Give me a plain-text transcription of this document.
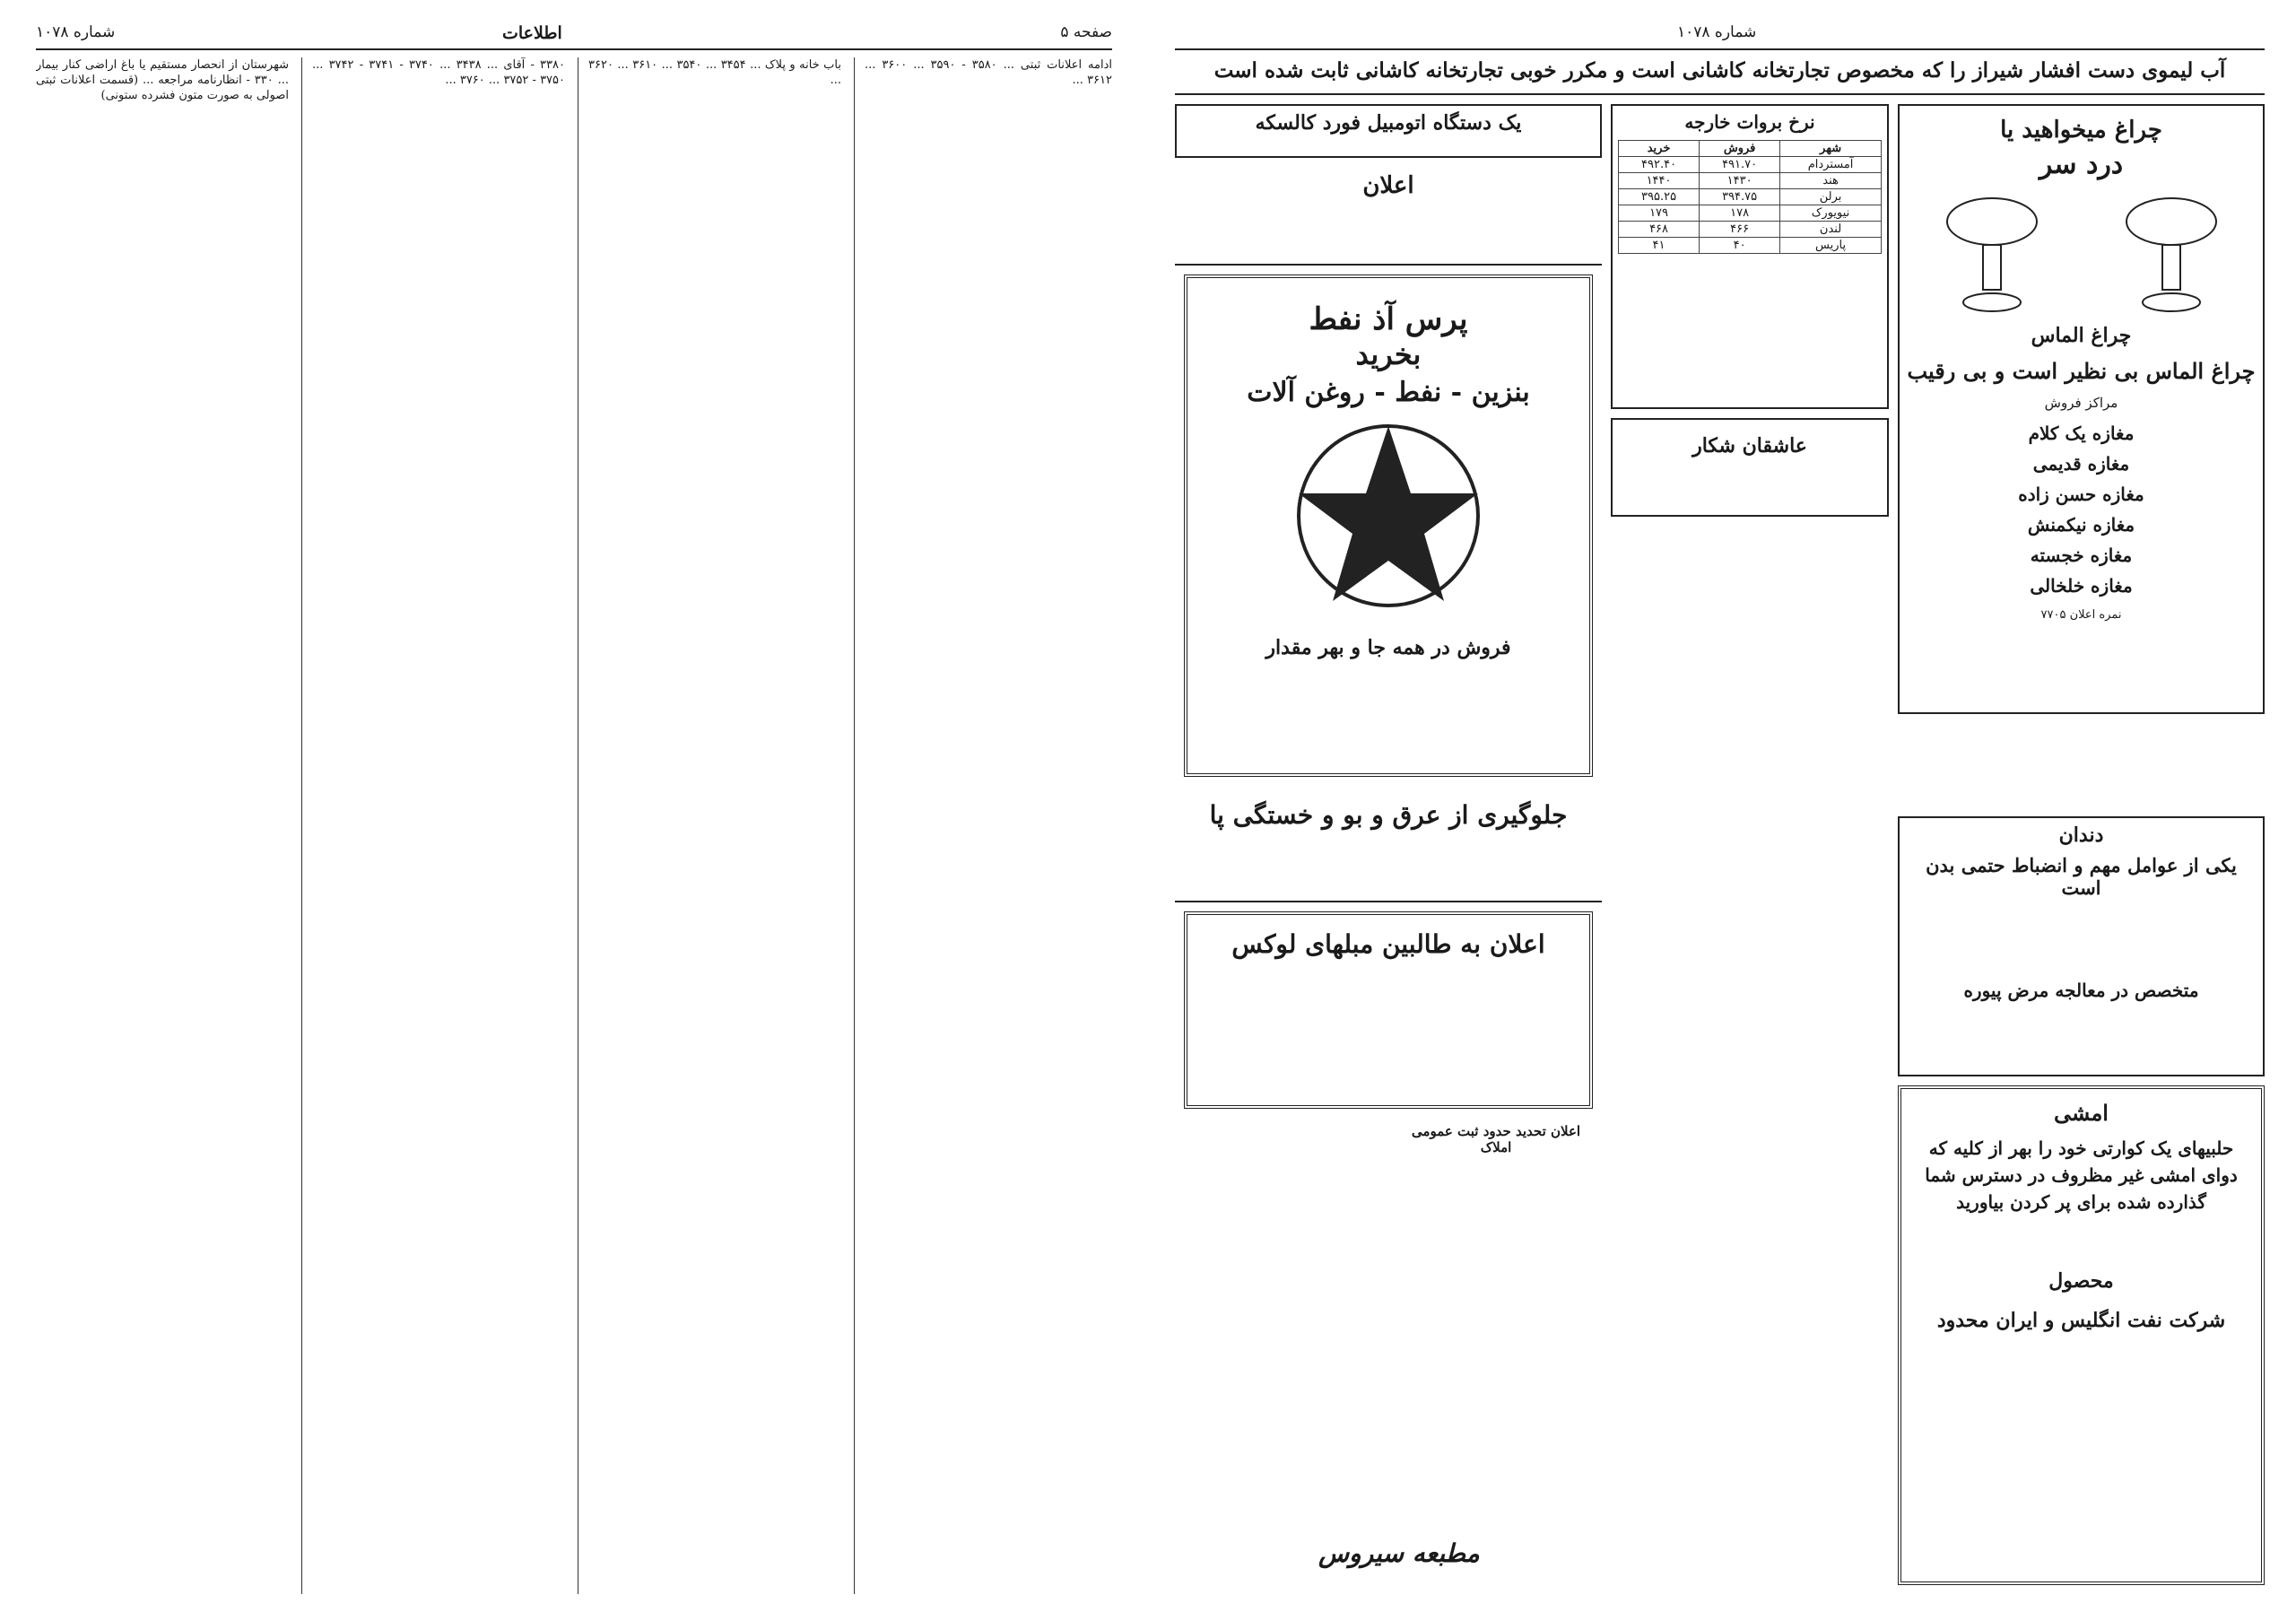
شماره ۱۰۷۸	اطلاعات	صفحه ۵
شهرستان از انحصار مستقیم یا باغ اراضی کنار بیمار ... ۳۳۰ - انظارنامه مراجعه ... (قسمت اعلانات ثبتی اصولی به صورت متون فشرده ستونی)
۳۳۸۰ - آقای ... ۳۴۳۸ ... ۳۷۴۰ - ۳۷۴۱ - ۳۷۴۲ ... ۳۷۵۰ - ۳۷۵۲ ... ۳۷۶۰ ...
باب خانه و پلاک ... ۳۴۵۴ ... ۳۵۴۰ ... ۳۶۱۰ ... ۳۶۲۰ ...
ادامه اعلانات ثبتی ... ۳۵۸۰ - ۳۵۹۰ ... ۳۶۰۰ ... ۳۶۱۲ ...
شماره ۱۰۷۸
آب لیموی دست افشار شیراز را که مخصوص تجارتخانه کاشانی است و مکرر خوبی تجارتخانه کاشانی ثابت شده است
چراغ میخواهید یا
درد سر
چراغ الماس
چراغ الماس بی نظیر است و بی رقیب
مراکز فروش
مغازه یک کلام
مغازه قدیمی
مغازه حسن زاده
مغازه نیکمنش
مغازه خجسته
مغازه خلخالی
نمره اعلان ۷۷۰۵
دندان
یکی از عوامل مهم و انضباط حتمی بدن است
متخصص در معالجه مرض پیوره
امشی
حلبیهای یک کوارتی خود را بهر از کلیه که دوای امشی غیر مظروف در دسترس شما گذارده شده برای پر کردن بیاورید
محصول
شرکت نفت انگلیس و ایران محدود
نرخ بروات خارجه
شهر	فروش	خرید
آمستردام	۴۹۱.۷۰	۴۹۲.۴۰
هند	۱۴۳۰	۱۴۴۰
برلن	۳۹۴.۷۵	۳۹۵.۲۵
نیویورک	۱۷۸	۱۷۹
لندن	۴۶۶	۴۶۸
پاریس	۴۰	۴۱
عاشقان شکار
یک دستگاه اتومبیل فورد کالسکه
اعلان
پرس آذ نفط
بخرید
بنزین - نفط - روغن آلات
فروش در همه جا و بهر مقدار
جلوگیری از عرق و بو و خستگی پا
اعلان به طالبین مبلهای لوکس
اعلان تحدید حدود ثبت عمومی املاک
مطبعه سیروس
